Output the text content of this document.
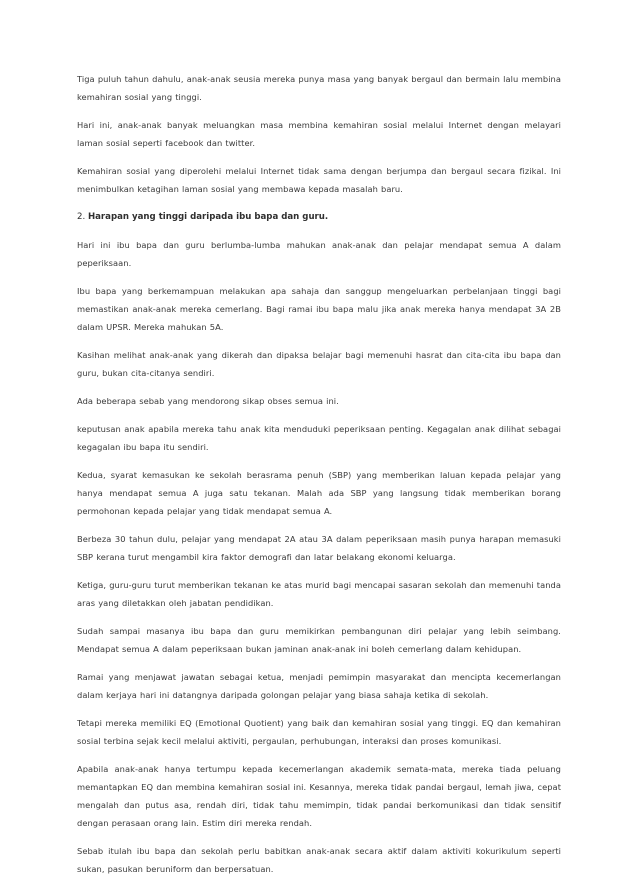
Tiga puluh tahun dahulu, anak-anak seusia mereka punya masa yang banyak bergaul dan bermain lalu membina kemahiran sosial yang tinggi.

Hari ini, anak-anak banyak meluangkan masa membina kemahiran sosial melalui Internet dengan melayari laman sosial seperti facebook dan twitter.

Kemahiran sosial yang diperolehi melalui Internet tidak sama dengan berjumpa dan bergaul secara fizikal. Ini menimbulkan ketagihan laman sosial yang membawa kepada masalah baru.

2. Harapan yang tinggi daripada ibu bapa dan guru.

Hari ini ibu bapa dan guru berlumba-lumba mahukan anak-anak dan pelajar mendapat semua A dalam peperiksaan.

Ibu bapa yang berkemampuan melakukan apa sahaja dan sanggup mengeluarkan perbelanjaan tinggi bagi memastikan anak-anak mereka cemerlang. Bagi ramai ibu bapa malu jika anak mereka hanya mendapat 3A 2B dalam UPSR. Mereka mahukan 5A.

Kasihan melihat anak-anak yang dikerah dan dipaksa belajar bagi memenuhi hasrat dan cita-cita ibu bapa dan guru, bukan cita-citanya sendiri.

Ada beberapa sebab yang mendorong sikap obses semua ini.

keputusan anak apabila mereka tahu anak kita menduduki peperiksaan penting. Kegagalan anak dilihat sebagai kegagalan ibu bapa itu sendiri.

Kedua, syarat kemasukan ke sekolah berasrama penuh (SBP) yang memberikan laluan kepada pelajar yang hanya mendapat semua A juga satu tekanan. Malah ada SBP yang langsung tidak memberikan borang permohonan kepada pelajar yang tidak mendapat semua A.

Berbeza 30 tahun dulu, pelajar yang mendapat 2A atau 3A dalam peperiksaan masih punya harapan memasuki SBP kerana turut mengambil kira faktor demografi dan latar belakang ekonomi keluarga.

Ketiga, guru-guru turut memberikan tekanan ke atas murid bagi mencapai sasaran sekolah dan memenuhi tanda aras yang diletakkan oleh jabatan pendidikan.

Sudah sampai masanya ibu bapa dan guru memikirkan pembangunan diri pelajar yang lebih seimbang. Mendapat semua A dalam peperiksaan bukan jaminan anak-anak ini boleh cemerlang dalam kehidupan.

Ramai yang menjawat jawatan sebagai ketua, menjadi pemimpin masyarakat dan mencipta kecemerlangan dalam kerjaya hari ini datangnya daripada golongan pelajar yang biasa sahaja ketika di sekolah.

Tetapi mereka memiliki EQ (Emotional Quotient) yang baik dan kemahiran sosial yang tinggi. EQ dan kemahiran sosial terbina sejak kecil melalui aktiviti, pergaulan, perhubungan, interaksi dan proses komunikasi.

Apabila anak-anak hanya tertumpu kepada kecemerlangan akademik semata-mata, mereka tiada peluang memantapkan EQ dan membina kemahiran sosial ini. Kesannya, mereka tidak pandai bergaul, lemah jiwa, cepat mengalah dan putus asa, rendah diri, tidak tahu memimpin, tidak pandai berkomunikasi dan tidak sensitif dengan perasaan orang lain. Estim diri mereka rendah.

Sebab itulah ibu bapa dan sekolah perlu babitkan anak-anak secara aktif dalam aktiviti kokurikulum seperti sukan, pasukan beruniform dan berpersatuan.
